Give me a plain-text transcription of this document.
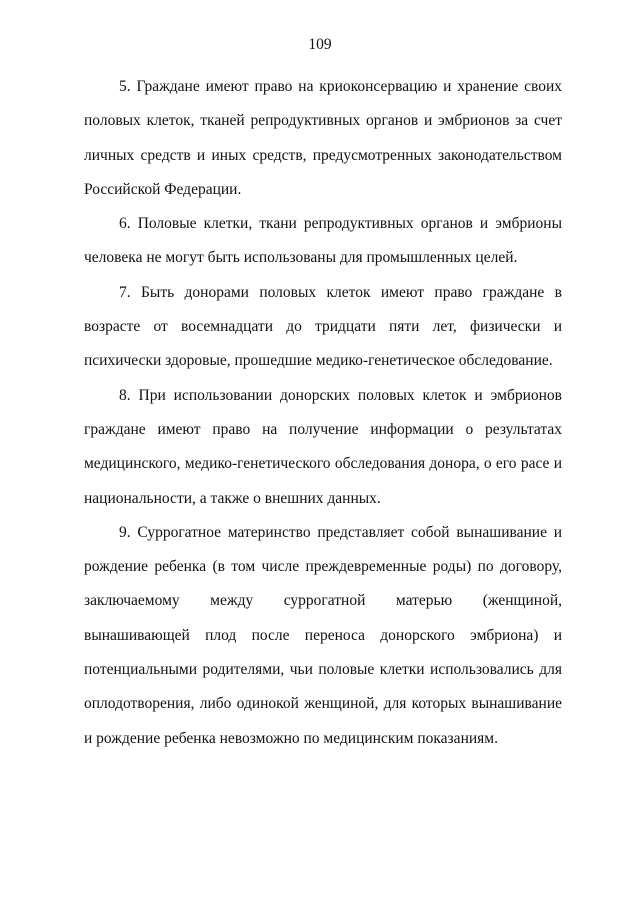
109

5. Граждане имеют право на криоконсервацию и хранение своих половых клеток, тканей репродуктивных органов и эмбрионов за счет личных средств и иных средств, предусмотренных законодательством Российской Федерации.

6. Половые клетки, ткани репродуктивных органов и эмбрионы человека не могут быть использованы для промышленных целей.

7. Быть донорами половых клеток имеют право граждане в возрасте от восемнадцати до тридцати пяти лет, физически и психически здоровые, прошедшие медико-генетическое обследование.

8. При использовании донорских половых клеток и эмбрионов граждане имеют право на получение информации о результатах медицинского, медико-генетического обследования донора, о его расе и национальности, а также о внешних данных.

9. Суррогатное материнство представляет собой вынашивание и рождение ребенка (в том числе преждевременные роды) по договору, заключаемому между суррогатной матерью (женщиной, вынашивающей плод после переноса донорского эмбриона) и потенциальными родителями, чьи половые клетки использовались для оплодотворения, либо одинокой женщиной, для которых вынашивание и рождение ребенка невозможно по медицинским показаниям.
